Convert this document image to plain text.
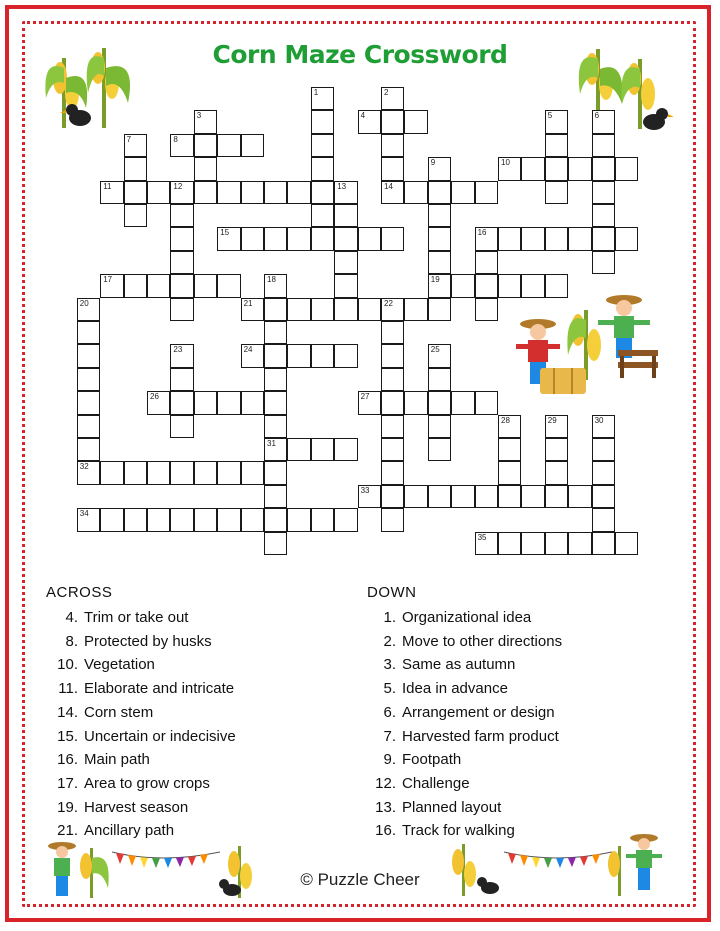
Corn Maze Crossword
1	2
3	4	5	6
7	8
9	10
11	12	13	14
15	16
17	18
31
19
20
32
21	22
23	24	25
26	27
28	29	30
33
34
35
ACROSS	DOWN
4. Trim or take out
8. Protected by husks
10. Vegetation
11. Elaborate and intricate
14. Corn stem
15. Uncertain or indecisive
16. Main path
17. Area to grow crops
19. Harvest season
21. Ancillary path
1. Organizational idea
2. Move to other directions
3. Same as autumn
5. Idea in advance
6. Arrangement or design
7. Harvested farm product
9. Footpath
12. Challenge
13. Planned layout
16. Track for walking
© Puzzle Cheer
